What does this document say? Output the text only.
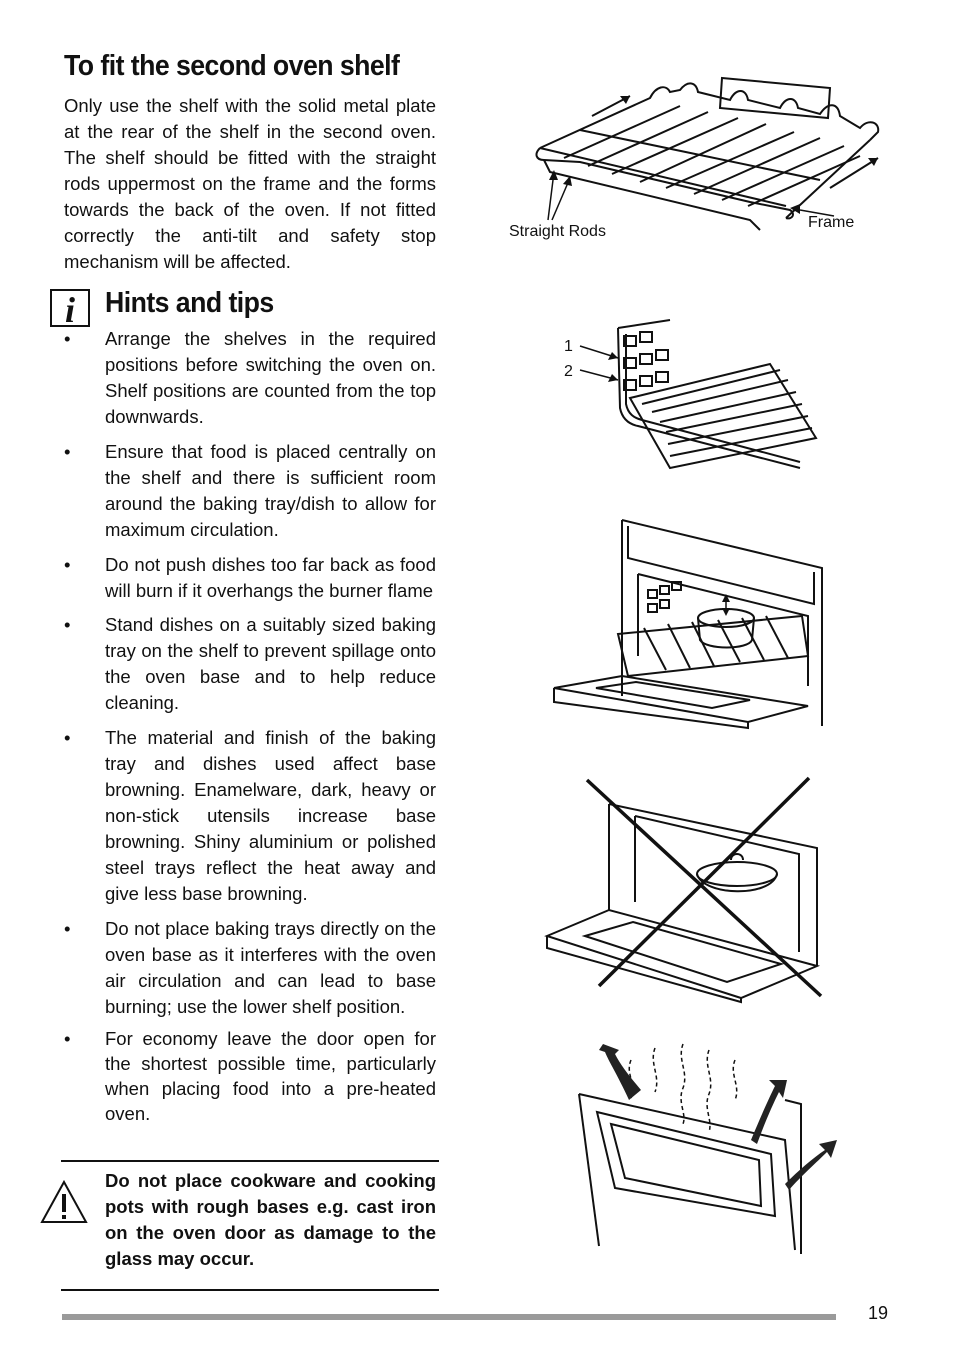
To fit the second oven shelf

Only use the shelf with the solid metal plate at the rear of the shelf in the second oven. The shelf should be fitted with the straight rods uppermost on the frame and the forms towards the back of the oven. If not fitted correctly the anti-tilt and safety stop mechanism will be affected.

i	Hints and tips
• Arrange the shelves in the required positions before switching the oven on. Shelf positions are counted from the top downwards.
• Ensure that food is placed centrally on the shelf and there is sufficient room around the baking tray/dish to allow for maximum circulation.
• Do not push dishes too far back as food will burn if it overhangs the burner flame
• Stand dishes on a suitably sized baking tray on the shelf to prevent spillage onto the oven base and to help reduce cleaning.
• The material and finish of the baking tray and dishes used affect base browning. Enamelware, dark, heavy or non-stick utensils increase base browning. Shiny aluminium or polished steel trays reflect the heat away and give less base browning.
• Do not place baking trays directly on the oven base as it interferes with the oven air circulation and can lead to base burning; use the lower shelf position.
• For economy leave the door open for the shortest possible time, particularly when placing food into a pre-heated oven.

Do not place cookware and cooking pots with rough bases e.g. cast iron on the oven door as damage to the glass may occur.

19
Straight Rods
Frame
1
2
